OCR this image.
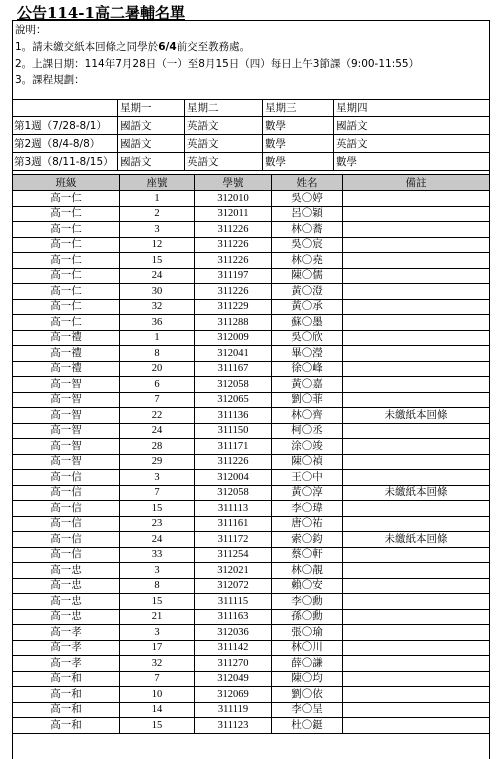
公告114-1高二暑輔名單
說明：
1。請未繳交紙本回條之同學於6/4前交至教務處。
2。上課日期：114年7月28日（一）至8月15日（四）每日上午3節課（9:00-11:55）
3。課程規劃：
星期一	星期二	星期三	星期四
第1週（7/28-8/1） 國語文	英語文	數學	國語文
第2週（8/4-8/8） 國語文	英語文	數學	英語文
第3週（8/11-8/15） 國語文	英語文	數學	數學
班級	座號	學號	姓名	備註
高一仁	1	312010	吳〇婷	
高一仁	2	312011	呂〇穎	
高一仁	3	311226	林〇蕎	
高一仁	12	311226	吳〇宸	
高一仁	15	311226	林〇堯	
高一仁	24	311197	陳〇儒	
高一仁	30	311226	黃〇澄	
高一仁	32	311229	黃〇承	
高一仁	36	311288	蘇〇墨	
高一禮	1	312009	吳〇欣	
高一禮	8	312041	畢〇瀅	
高一禮	20	311167	徐〇峰	
高一智	6	312058	黃〇嘉	
高一智	7	312065	劉〇菲	
高一智	22	311136	林〇齊	未繳紙本回條
高一智	24	311150	柯〇丞	
高一智	28	311171	涂〇竣	
高一智	29	311226	陳〇禎	
高一信	3	312004	王〇中	
高一信	7	312058	黃〇淳	未繳紙本回條
高一信	15	311113	李〇瑋	
高一信	23	311161	唐〇祐	
高一信	24	311172	索〇鈞	未繳紙本回條
高一信	33	311254	蔡〇軒	
高一忠	3	312021	林〇靚	
高一忠	8	312072	賴〇安	
高一忠	15	311115	李〇勳	
高一忠	21	311163	孫〇勳	
高一孝	3	312036	張〇瑜	
高一孝	17	311142	林〇川	
高一孝	32	311270	薛〇謙	
高一和	7	312049	陳〇均	
高一和	10	312069	劉〇依	
高一和	14	311119	李〇呈	
高一和	15	311123	杜〇鋌	
